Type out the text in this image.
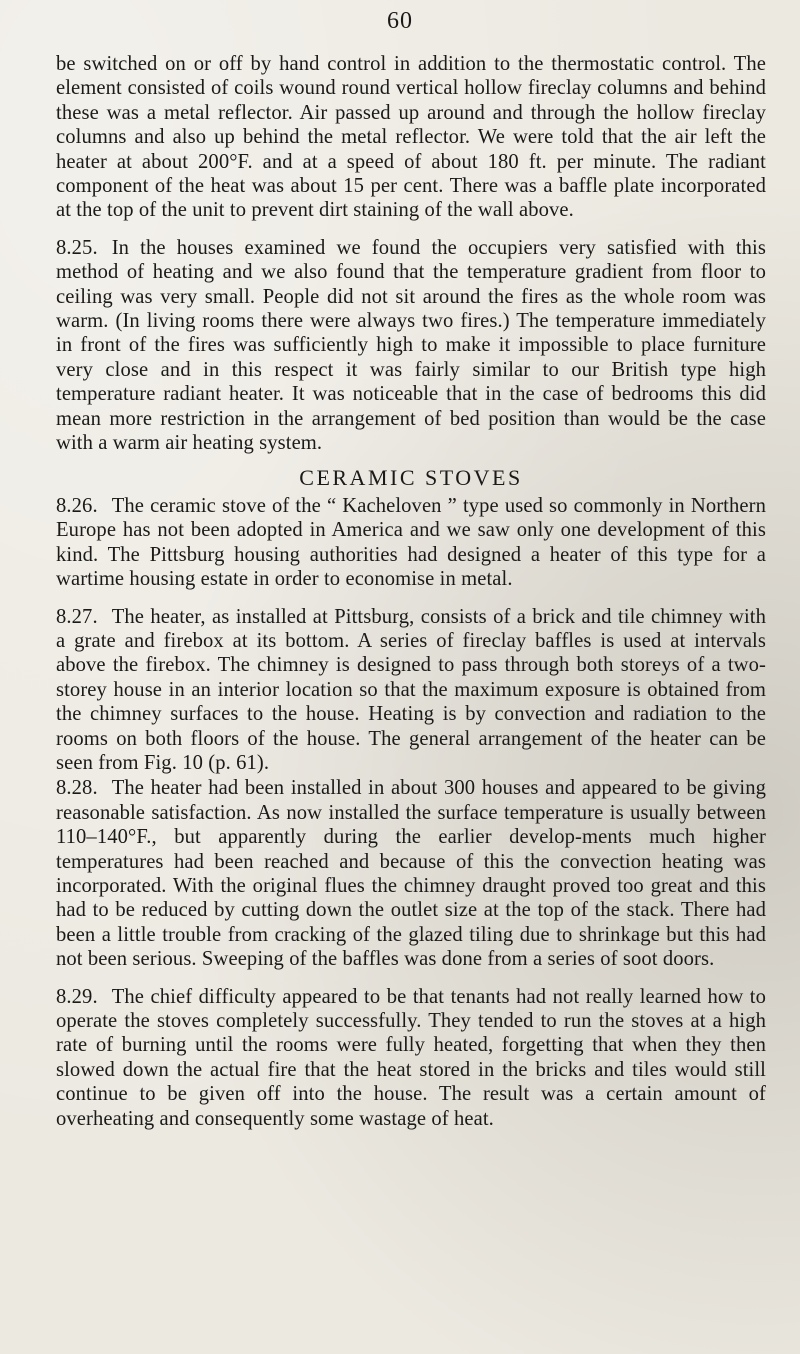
60

be switched on or off by hand control in addition to the thermostatic control. The element consisted of coils wound round vertical hollow fireclay columns and behind these was a metal reflector. Air passed up around and through the hollow fireclay columns and also up behind the metal reflector. We were told that the air left the heater at about 200°F. and at a speed of about 180 ft. per minute. The radiant component of the heat was about 15 per cent. There was a baffle plate incorporated at the top of the unit to prevent dirt staining of the wall above.

8.25. In the houses examined we found the occupiers very satisfied with this method of heating and we also found that the temperature gradient from floor to ceiling was very small. People did not sit around the fires as the whole room was warm. (In living rooms there were always two fires.) The temperature immediately in front of the fires was sufficiently high to make it impossible to place furniture very close and in this respect it was fairly similar to our British type high temperature radiant heater. It was noticeable that in the case of bedrooms this did mean more restriction in the arrangement of bed position than would be the case with a warm air heating system.

CERAMIC STOVES

8.26. The ceramic stove of the “ Kacheloven ” type used so commonly in Northern Europe has not been adopted in America and we saw only one development of this kind. The Pittsburg housing authorities had designed a heater of this type for a wartime housing estate in order to economise in metal.

8.27. The heater, as installed at Pittsburg, consists of a brick and tile chimney with a grate and firebox at its bottom. A series of fireclay baffles is used at intervals above the firebox. The chimney is designed to pass through both storeys of a two-storey house in an interior location so that the maximum exposure is obtained from the chimney surfaces to the house. Heating is by convection and radiation to the rooms on both floors of the house. The general arrangement of the heater can be seen from Fig. 10 (p. 61).

8.28. The heater had been installed in about 300 houses and appeared to be giving reasonable satisfaction. As now installed the surface temperature is usually between 110–140°F., but apparently during the earlier develop-ments much higher temperatures had been reached and because of this the convection heating was incorporated. With the original flues the chimney draught proved too great and this had to be reduced by cutting down the outlet size at the top of the stack. There had been a little trouble from cracking of the glazed tiling due to shrinkage but this had not been serious. Sweeping of the baffles was done from a series of soot doors.

8.29. The chief difficulty appeared to be that tenants had not really learned how to operate the stoves completely successfully. They tended to run the stoves at a high rate of burning until the rooms were fully heated, forgetting that when they then slowed down the actual fire that the heat stored in the bricks and tiles would still continue to be given off into the house. The result was a certain amount of overheating and consequently some wastage of heat.
